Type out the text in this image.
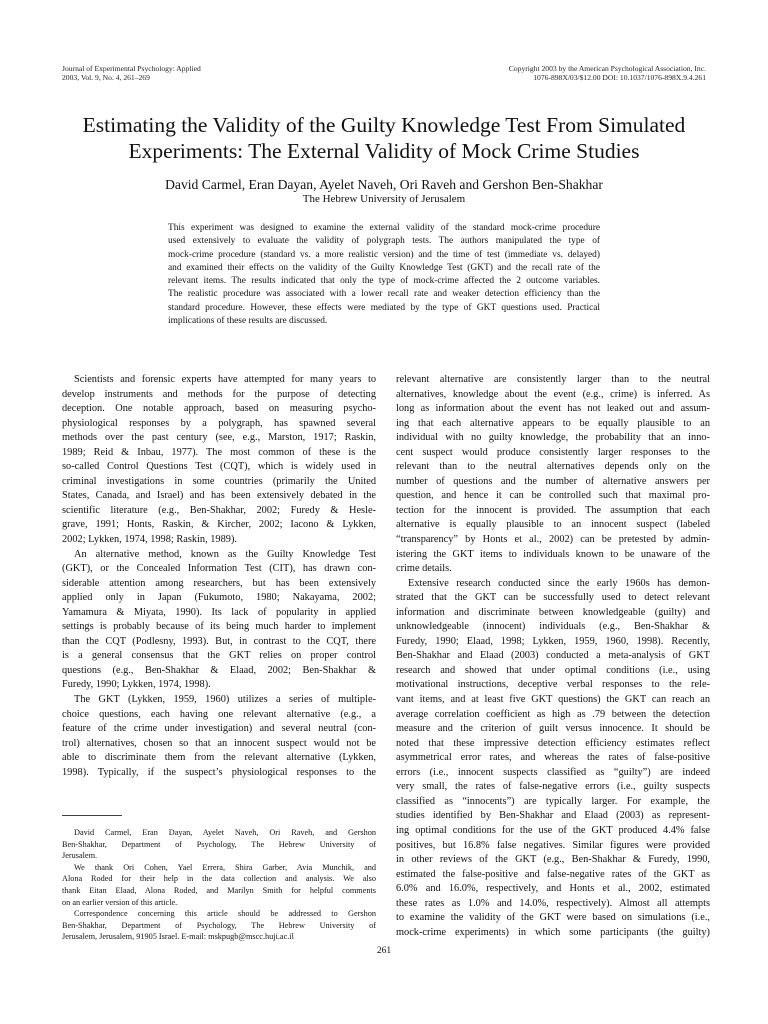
Journal of Experimental Psychology: Applied
2003, Vol. 9, No. 4, 261–269
Copyright 2003 by the American Psychological Association, Inc.
1076-898X/03/$12.00 DOI: 10.1037/1076-898X.9.4.261
Estimating the Validity of the Guilty Knowledge Test From Simulated
Experiments: The External Validity of Mock Crime Studies
David Carmel, Eran Dayan, Ayelet Naveh, Ori Raveh and Gershon Ben-Shakhar
The Hebrew University of Jerusalem
This experiment was designed to examine the external validity of the standard mock-crime procedure
used extensively to evaluate the validity of polygraph tests. The authors manipulated the type of
mock-crime procedure (standard vs. a more realistic version) and the time of test (immediate vs. delayed)
and examined their effects on the validity of the Guilty Knowledge Test (GKT) and the recall rate of the
relevant items. The results indicated that only the type of mock-crime affected the 2 outcome variables.
The realistic procedure was associated with a lower recall rate and weaker detection efficiency than the
standard procedure. However, these effects were mediated by the type of GKT questions used. Practical
implications of these results are discussed.
Scientists and forensic experts have attempted for many years to
develop instruments and methods for the purpose of detecting
deception. One notable approach, based on measuring psycho-
physiological responses by a polygraph, has spawned several
methods over the past century (see, e.g., Marston, 1917; Raskin,
1989; Reid & Inbau, 1977). The most common of these is the
so-called Control Questions Test (CQT), which is widely used in
criminal investigations in some countries (primarily the United
States, Canada, and Israel) and has been extensively debated in the
scientific literature (e.g., Ben-Shakhar, 2002; Furedy & Hesle-
grave, 1991; Honts, Raskin, & Kircher, 2002; Iacono & Lykken,
2002; Lykken, 1974, 1998; Raskin, 1989).
An alternative method, known as the Guilty Knowledge Test
(GKT), or the Concealed Information Test (CIT), has drawn con-
siderable attention among researchers, but has been extensively
applied only in Japan (Fukumoto, 1980; Nakayama, 2002;
Yamamura & Miyata, 1990). Its lack of popularity in applied
settings is probably because of its being much harder to implement
than the CQT (Podlesny, 1993). But, in contrast to the CQT, there
is a general consensus that the GKT relies on proper control
questions (e.g., Ben-Shakhar & Elaad, 2002; Ben-Shakhar &
Furedy, 1990; Lykken, 1974, 1998).
The GKT (Lykken, 1959, 1960) utilizes a series of multiple-
choice questions, each having one relevant alternative (e.g., a
feature of the crime under investigation) and several neutral (con-
trol) alternatives, chosen so that an innocent suspect would not be
able to discriminate them from the relevant alternative (Lykken,
1998). Typically, if the suspect’s physiological responses to the
relevant alternative are consistently larger than to the neutral
alternatives, knowledge about the event (e.g., crime) is inferred. As
long as information about the event has not leaked out and assum-
ing that each alternative appears to be equally plausible to an
individual with no guilty knowledge, the probability that an inno-
cent suspect would produce consistently larger responses to the
relevant than to the neutral alternatives depends only on the
number of questions and the number of alternative answers per
question, and hence it can be controlled such that maximal pro-
tection for the innocent is provided. The assumption that each
alternative is equally plausible to an innocent suspect (labeled
“transparency” by Honts et al., 2002) can be pretested by admin-
istering the GKT items to individuals known to be unaware of the
crime details.
Extensive research conducted since the early 1960s has demon-
strated that the GKT can be successfully used to detect relevant
information and discriminate between knowledgeable (guilty) and
unknowledgeable (innocent) individuals (e.g., Ben-Shakhar &
Furedy, 1990; Elaad, 1998; Lykken, 1959, 1960, 1998). Recently,
Ben-Shakhar and Elaad (2003) conducted a meta-analysis of GKT
research and showed that under optimal conditions (i.e., using
motivational instructions, deceptive verbal responses to the rele-
vant items, and at least five GKT questions) the GKT can reach an
average correlation coefficient as high as .79 between the detection
measure and the criterion of guilt versus innocence. It should be
noted that these impressive detection efficiency estimates reflect
asymmetrical error rates, and whereas the rates of false-positive
errors (i.e., innocent suspects classified as “guilty”) are indeed
very small, the rates of false-negative errors (i.e., guilty suspects
classified as “innocents”) are typically larger. For example, the
studies identified by Ben-Shakhar and Elaad (2003) as represent-
ing optimal conditions for the use of the GKT produced 4.4% false
positives, but 16.8% false negatives. Similar figures were provided
in other reviews of the GKT (e.g., Ben-Shakhar & Furedy, 1990,
estimated the false-positive and false-negative rates of the GKT as
6.0% and 16.0%, respectively, and Honts et al., 2002, estimated
these rates as 1.0% and 14.0%, respectively). Almost all attempts
to examine the validity of the GKT were based on simulations (i.e.,
mock-crime experiments) in which some participants (the guilty)
David Carmel, Eran Dayan, Ayelet Naveh, Ori Raveh, and Gershon
Ben-Shakhar, Department of Psychology, The Hebrew University of
Jerusalem.
We thank Ori Cohen, Yael Errera, Shira Garber, Avia Munchik, and
Alona Roded for their help in the data collection and analysis. We also
thank Eitan Elaad, Alona Roded, and Marilyn Smith for helpful comments
on an earlier version of this article.
Correspondence concerning this article should be addressed to Gershon
Ben-Shakhar, Department of Psychology, The Hebrew University of
Jerusalem, Jerusalem, 91905 Israel. E-mail: mskpugb@mscc.huji.ac.il
261
